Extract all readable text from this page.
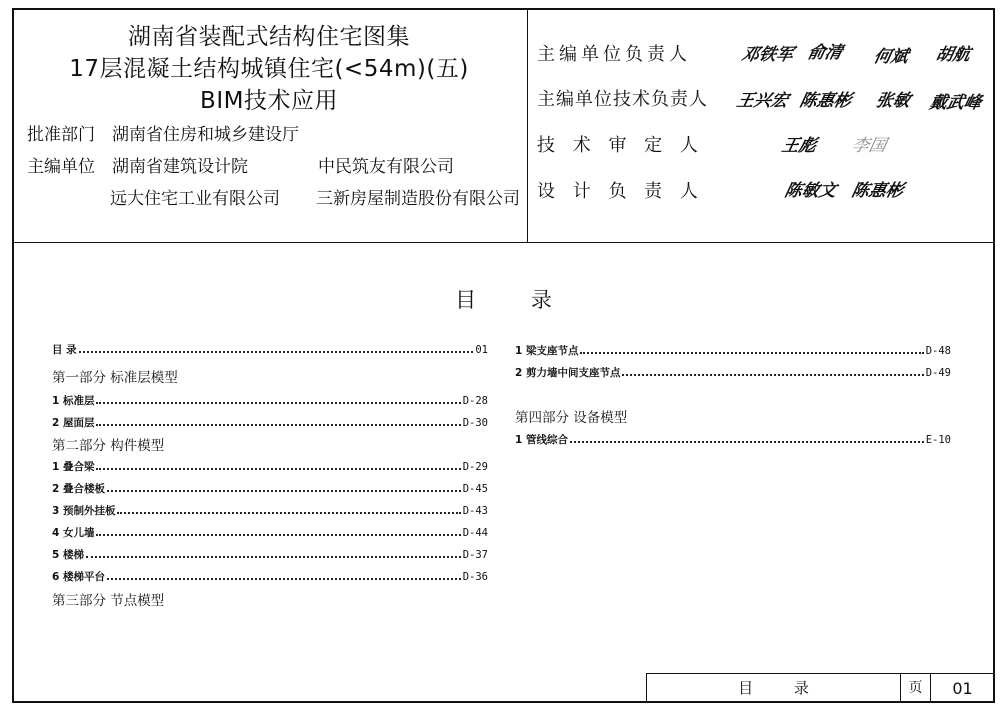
湖南省装配式结构住宅图集
17层混凝土结构城镇住宅(<54m)(五)
BIM技术应用
批准部门 湖南省住房和城乡建设厅
主编单位 湖南省建筑设计院	中民筑友有限公司
远大住宅工业有限公司 三新房屋制造股份有限公司
主编单位负责人	邓铁军 俞清 何斌 胡航
主编单位技术负责人 王兴宏 陈惠彬 张敏 戴武峰
技 术 审 定 人	王彪 李国
设 计 负 责 人	陈敏文 陈惠彬
目 录
目 录	01
第一部分 标准层模型
1 标准层	D-28
2 屋面层	D-30
第二部分 构件模型
1 叠合梁	D-29
2 叠合楼板	D-45
3 预制外挂板	D-43
4 女儿墙	D-44
5 楼梯	D-37
6 楼梯平台	D-36
第三部分 节点模型
1 梁支座节点	D-48
2 剪力墙中间支座节点	D-49
第四部分 设备模型
1 管线综合	E-10
目 录	页	01
